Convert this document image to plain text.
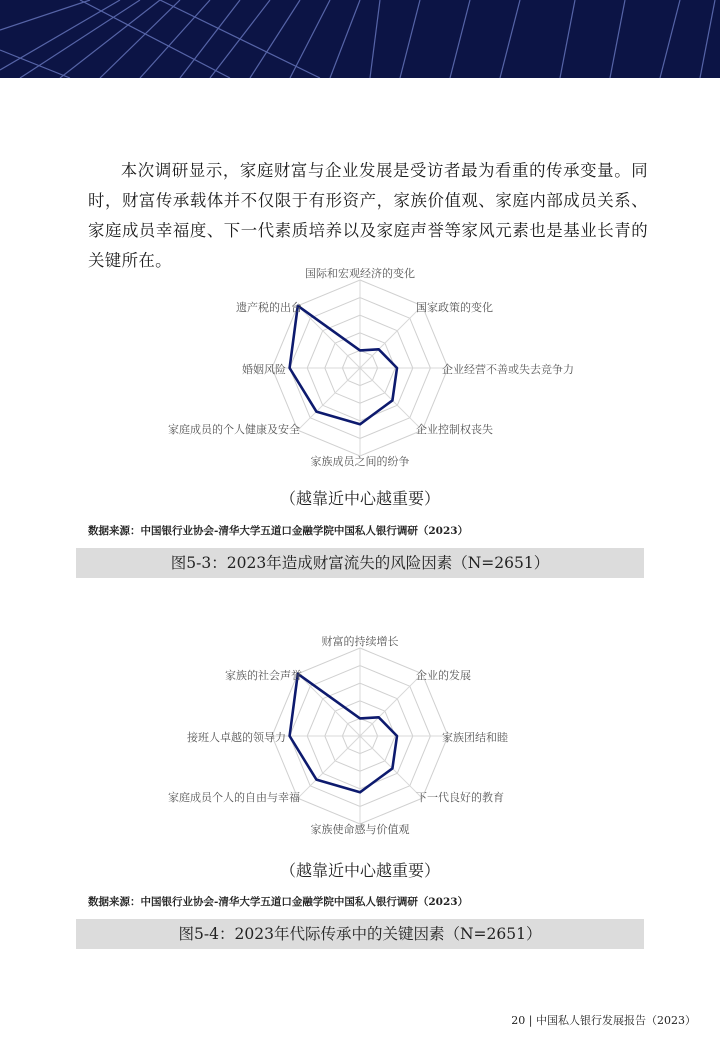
本次调研显示，家庭财富与企业发展是受访者最为看重的传承变量。同时，财富传承载体并不仅限于有形资产，家族价值观、家庭内部成员关系、家庭成员幸福度、下一代素质培养以及家庭声誉等家风元素也是基业长青的关键所在。
国际和宏观经济的变化
国家政策的变化
企业经营不善或失去竞争力
企业控制权丧失
家族成员之间的纷争
家庭成员的个人健康及安全
婚姻风险
遗产税的出台
（越靠近中心越重要）
数据来源：中国银行业协会-清华大学五道口金融学院中国私人银行调研（2023）
图5-3：2023年造成财富流失的风险因素（N=2651）
财富的持续增长
企业的发展
家族团结和睦
下一代良好的教育
家族使命感与价值观
家庭成员个人的自由与幸福
接班人卓越的领导力
家族的社会声誉
（越靠近中心越重要）
数据来源：中国银行业协会-清华大学五道口金融学院中国私人银行调研（2023）
图5-4：2023年代际传承中的关键因素（N=2651）
20 | 中国私人银行发展报告（2023）
